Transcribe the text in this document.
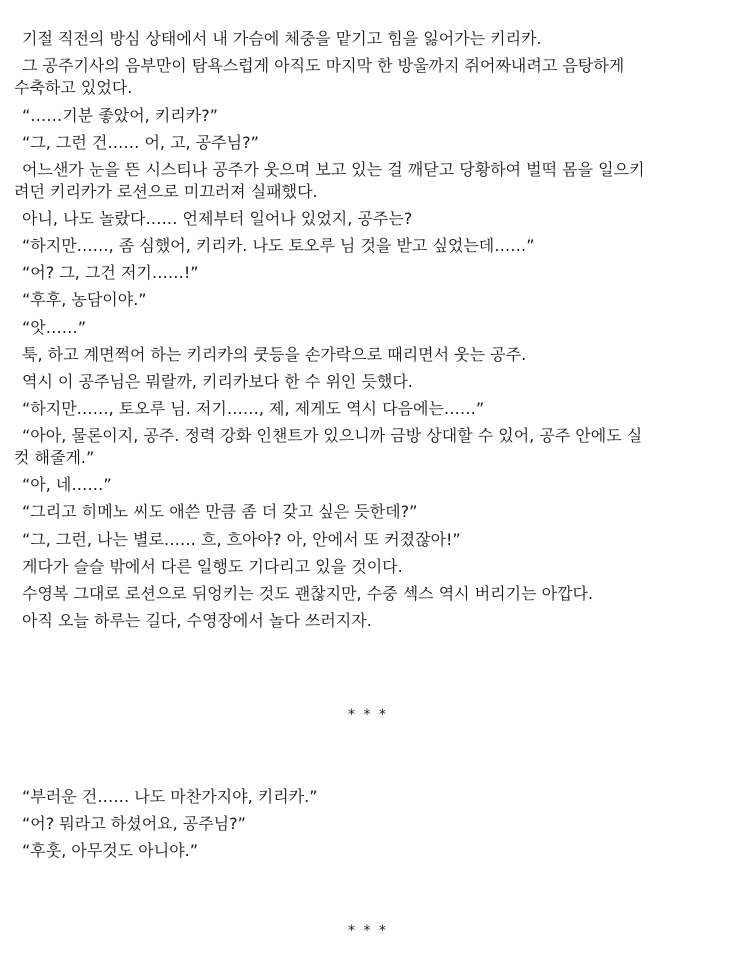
기절 직전의 방심 상태에서 내 가슴에 체중을 맡기고 힘을 잃어가는 키리카.
그 공주기사의 음부만이 탐욕스럽게 아직도 마지막 한 방울까지 쥐어짜내려고 음탕하게
수축하고 있었다.
“……기분 좋았어, 키리카?”
“그, 그런 건…… 어, 고, 공주님?”
어느샌가 눈을 뜬 시스티나 공주가 웃으며 보고 있는 걸 깨닫고 당황하여 벌떡 몸을 일으키
려던 키리카가 로션으로 미끄러져 실패했다.
아니, 나도 놀랐다…… 언제부터 일어나 있었지, 공주는?
“하지만……, 좀 심했어, 키리카. 나도 토오루 님 것을 받고 싶었는데……”
“어? 그, 그건 저기……!”
“후후, 농담이야.”
“앗……”
툭, 하고 계면쩍어 하는 키리카의 쿳등을 손가락으로 때리면서 웃는 공주.
역시 이 공주님은 뭐랄까, 키리카보다 한 수 위인 듯했다.
“하지만……, 토오루 님. 저기……, 제, 제게도 역시 다음에는……”
“아아, 물론이지, 공주. 정력 강화 인챈트가 있으니까 금방 상대할 수 있어, 공주 안에도 실
컷 해줄게.”
“아, 네……”
“그리고 히메노 씨도 애쓴 만큼 좀 더 갖고 싶은 듯한데?”
“그, 그런, 나는 별로…… 흐, 흐아아? 아, 안에서 또 커졌잖아!”
게다가 슬슬 밖에서 다른 일행도 기다리고 있을 것이다.
수영복 그대로 로션으로 뒤엉키는 것도 괜찮지만, 수중 섹스 역시 버리기는 아깝다.
아직 오늘 하루는 길다, 수영장에서 놀다 쓰러지자.
* * *
“부러운 건…… 나도 마찬가지야, 키리카.”
“어? 뭐라고 하셨어요, 공주님?”
“후훗, 아무것도 아니야.”
* * *
